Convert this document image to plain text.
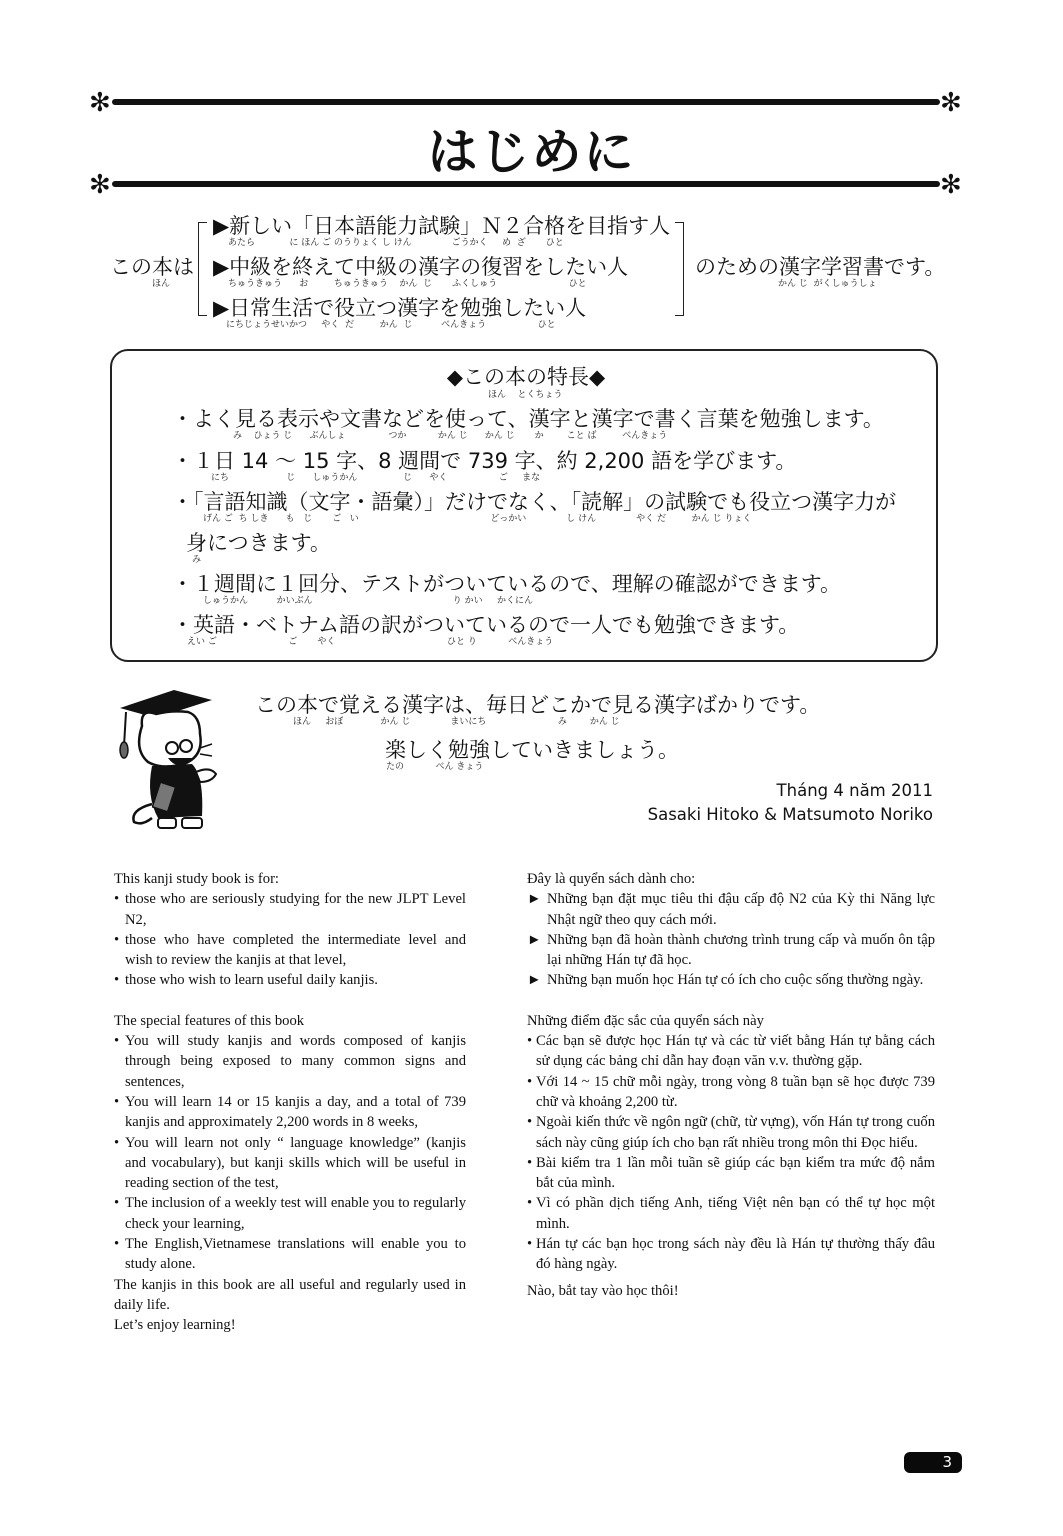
✻	✻
はじめに
✻	✻
この本は
ほん
▶新しい「日本語能力試験」Ｎ２合格を目指す人
あたら            に ほん ご のうりょく し けん              ごうかく     め  ざ       ひと
▶中級を終えて中級の漢字の復習をしたい人
ちゅうきゅう      お         ちゅうきゅう    かん  じ       ふくしゅう                         ひと
▶日常生活で役立つ漢字を勉強したい人
にちじょうせいかつ     やく  だ         かん  じ          べんきょう                  ひと
のための漢字学習書です。
かん じ  がくしゅうしょ
◆この本の特長◆
ほん    とくちょう
・よく見る表示や文書などを使って、漢字と漢字で書く言葉を勉強します。
み    ひょう じ      ぶんしょ               つか           かん じ      かん じ       か        こと ば         べんきょう
・１日 14 ～ 15 字、8 週間で 739 字、約 2,200 語を学びます。
にち                    じ      しゅうかん                じ      やく                  ご     まな
・「言語知識（文字・語彙）」だけでなく、「読解」の試験でも役立つ漢字力が
げん ご  ち しき      も   じ       ご   い                                              どっかい              し けん              やく だ         かん じ りょく
身につきます。
み
・１週間に１回分、テストがついているので、理解の確認ができます。
しゅうかん          かいぶん                                                 り かい     かくにん
・英語・ベトナム語の訳がついているので一人でも勉強できます。
えい ご                         ご       やく                                       ひと り           べんきょう
この本で覚える漢字は、毎日どこかで見る漢字ばかりです。
ほん     おぼ             かん じ              まいにち                         み        かん じ
楽しく勉強していきましょう。
たの           べん きょう
Tháng 4 năm 2011
Sasaki Hitoko & Matsumoto Noriko

This kanji study book is for:

• those who are seriously studying for the new JLPT Level N2,
• those who have completed the intermediate level and wish to review the kanjis at that level,
• those who wish to learn useful daily kanjis.

The special features of this book

• You will study kanjis and words composed of kanjis through being exposed to many common signs and sentences,
• You will learn 14 or 15 kanjis a day, and a total of 739 kanjis and approximately 2,200 words in 8 weeks,
• You will learn not only “ language knowledge” (kanjis and vocabulary), but kanji skills which will be useful in reading section of the test,
• The inclusion of a weekly test will enable you to regularly check your learning,
• The English,Vietnamese translations will enable you to study alone.

The kanjis in this book are all useful and regularly used in daily life.

Let’s enjoy learning!

Đây là quyển sách dành cho:

► Những bạn đặt mục tiêu thi đậu cấp độ N2 của Kỳ thi Năng lực Nhật ngữ theo quy cách mới.
► Những bạn đã hoàn thành chương trình trung cấp và muốn ôn tập lại những Hán tự đã học.
► Những bạn muốn học Hán tự có ích cho cuộc sống thường ngày.

Những điểm đặc sắc của quyển sách này

• Các bạn sẽ được học Hán tự và các từ viết bằng Hán tự bằng cách sử dụng các bảng chỉ dẫn hay đoạn văn v.v. thường gặp.
• Với 14 ~ 15 chữ mỗi ngày, trong vòng 8 tuần bạn sẽ học được 739 chữ và khoảng 2,200 từ.
• Ngoài kiến thức về ngôn ngữ (chữ, từ vựng), vốn Hán tự trong cuốn sách này cũng giúp ích cho bạn rất nhiều trong môn thi Đọc hiểu.
• Bài kiểm tra 1 lần mỗi tuần sẽ giúp các bạn kiểm tra mức độ nắm bắt của mình.
• Vì có phần dịch tiếng Anh, tiếng Việt nên bạn có thể tự học một mình.
• Hán tự các bạn học trong sách này đều là Hán tự thường thấy đâu đó hàng ngày.

Nào, bắt tay vào học thôi!

3
